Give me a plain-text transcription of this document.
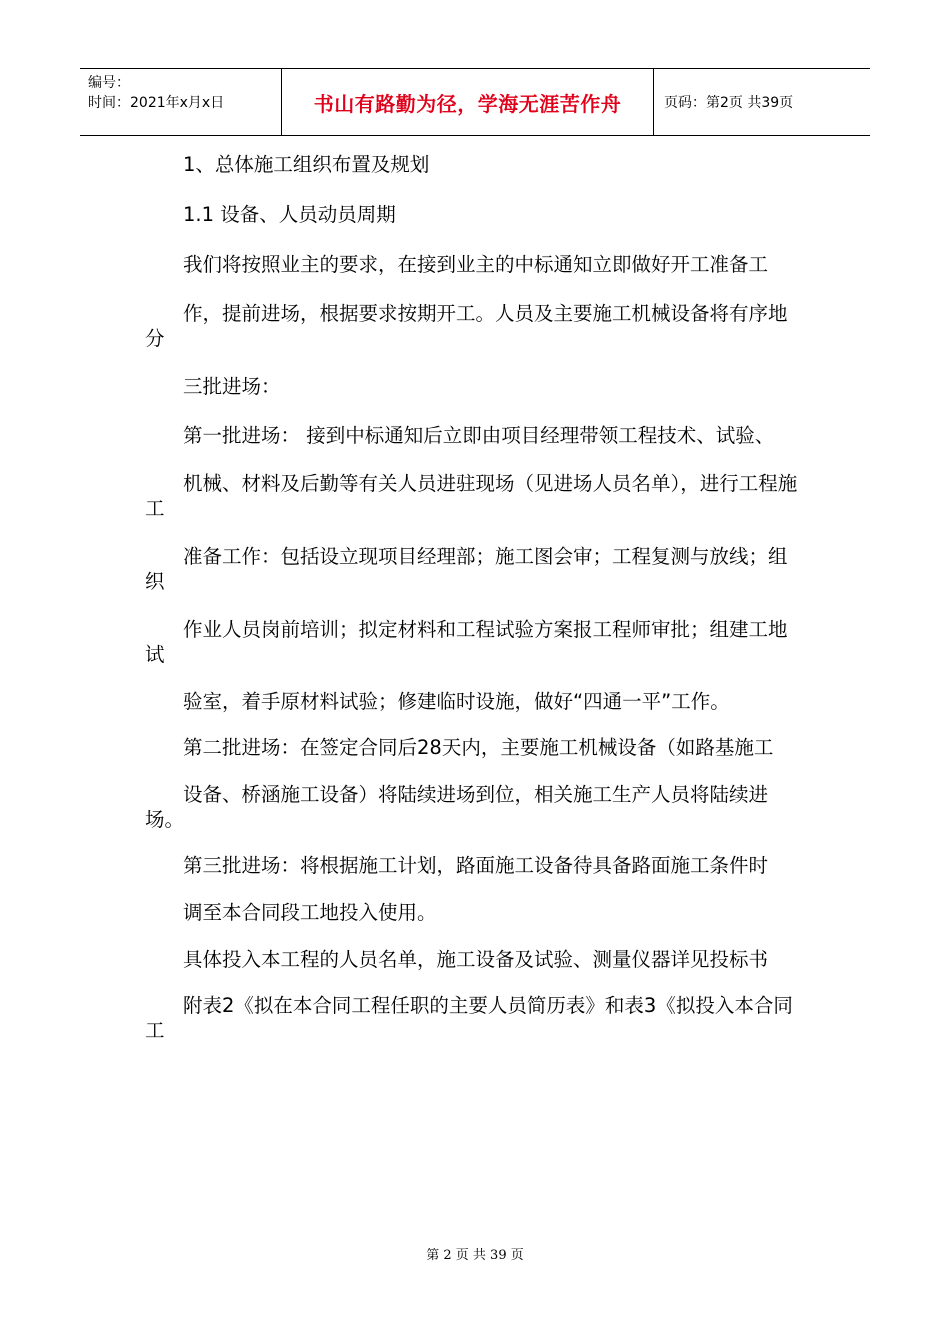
编号：
时间：2021年x月x日	书山有路勤为径，学海无涯苦作舟	页码：第2页 共39页

1、总体施工组织布置及规划

1.1 设备、人员动员周期

我们将按照业主的要求，在接到业主的中标通知立即做好开工准备工

作，提前进场，根据要求按期开工。人员及主要施工机械设备将有序地分

三批进场：

第一批进场： 接到中标通知后立即由项目经理带领工程技术、试验、

机械、材料及后勤等有关人员进驻现场（见进场人员名单），进行工程施工

准备工作：包括设立现项目经理部；施工图会审；工程复测与放线；组织

作业人员岗前培训；拟定材料和工程试验方案报工程师审批；组建工地试

验室，着手原材料试验；修建临时设施，做好“四通一平”工作。

第二批进场：在签定合同后28天内，主要施工机械设备（如路基施工

设备、桥涵施工设备）将陆续进场到位，相关施工生产人员将陆续进场。

第三批进场：将根据施工计划，路面施工设备待具备路面施工条件时

调至本合同段工地投入使用。

具体投入本工程的人员名单，施工设备及试验、测量仪器详见投标书

附表2《拟在本合同工程任职的主要人员简历表》和表3《拟投入本合同工

第 2 页 共 39 页
